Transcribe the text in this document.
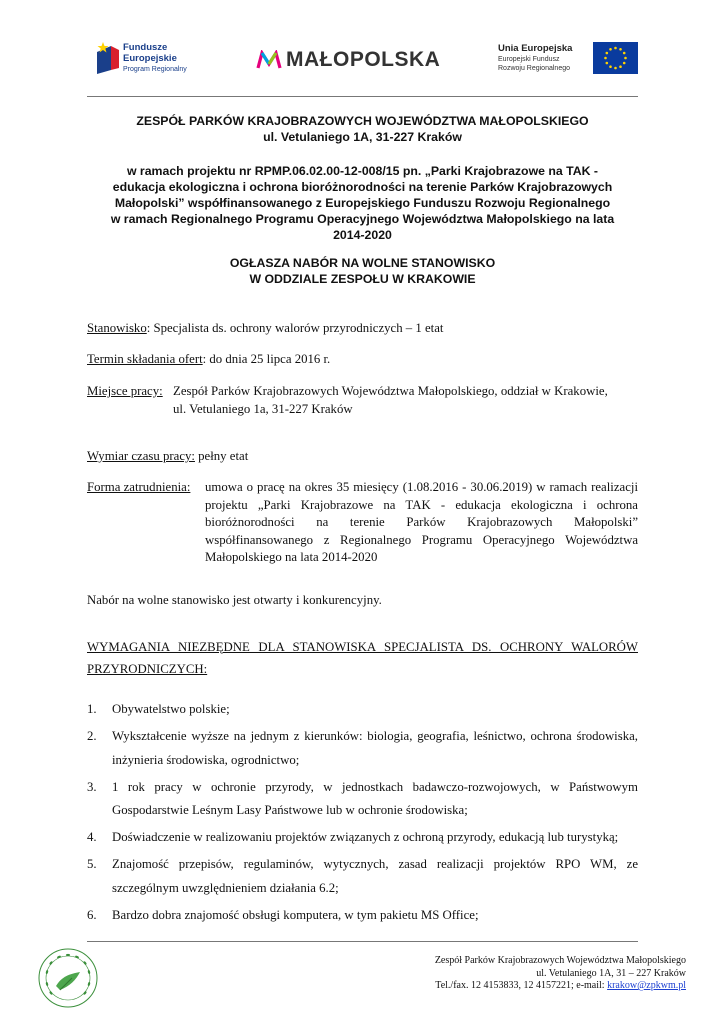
Fundusze
Europejskie
Program Regionalny	MAŁOPOLSKA	Unia Europejska
Europejski Fundusz
Rozwoju Regionalnego
ZESPÓŁ PARKÓW KRAJOBRAZOWYCH WOJEWÓDZTWA MAŁOPOLSKIEGO
ul. Vetulaniego 1A, 31-227 Kraków
w ramach projektu nr RPMP.06.02.00-12-008/15 pn. „Parki Krajobrazowe na TAK -
edukacja ekologiczna i ochrona bioróżnorodności na terenie Parków Krajobrazowych
Małopolski” współfinansowanego z Europejskiego Funduszu Rozwoju Regionalnego
w ramach Regionalnego Programu Operacyjnego Województwa Małopolskiego na lata
2014-2020
OGŁASZA NABÓR NA WOLNE STANOWISKO
W ODDZIALE ZESPOŁU W KRAKOWIE
Stanowisko: Specjalista ds. ochrony walorów przyrodniczych – 1 etat
Termin składania ofert: do dnia 25 lipca 2016 r.
Miejsce pracy: Zespół Parków Krajobrazowych Województwa Małopolskiego, oddział w Krakowie,
ul. Vetulaniego 1a, 31-227 Kraków
Wymiar czasu pracy: pełny etat
Forma zatrudnienia:	umowa o pracę na okres 35 miesięcy (1.08.2016 - 30.06.2019) w ramach realizacji projektu „Parki Krajobrazowe na TAK - edukacja ekologiczna i ochrona bioróżnorodności na terenie Parków Krajobrazowych Małopolski” współfinansowanego z Regionalnego Programu Operacyjnego Województwa Małopolskiego na lata 2014-2020
Nabór na wolne stanowisko jest otwarty i konkurencyjny.
WYMAGANIA NIEZBĘDNE DLA STANOWISKA SPECJALISTA DS. OCHRONY WALORÓW PRZYRODNICZYCH:
1. Obywatelstwo polskie;
2. Wykształcenie wyższe na jednym z kierunków: biologia, geografia, leśnictwo, ochrona środowiska, inżynieria środowiska, ogrodnictwo;
3. 1 rok pracy w ochronie przyrody, w jednostkach badawczo-rozwojowych, w Państwowym Gospodarstwie Leśnym Lasy Państwowe lub w ochronie środowiska;
4. Doświadczenie w realizowaniu projektów związanych z ochroną przyrody, edukacją lub turystyką;
5. Znajomość przepisów, regulaminów, wytycznych, zasad realizacji projektów RPO WM, ze szczególnym uwzględnieniem działania 6.2;
6. Bardzo dobra znajomość obsługi komputera, w tym pakietu MS Office;
Zespół Parków Krajobrazowych Województwa Małopolskiego
ul. Vetulaniego 1A, 31 – 227 Kraków
Tel./fax. 12 4153833, 12 4157221; e-mail: krakow@zpkwm.pl
